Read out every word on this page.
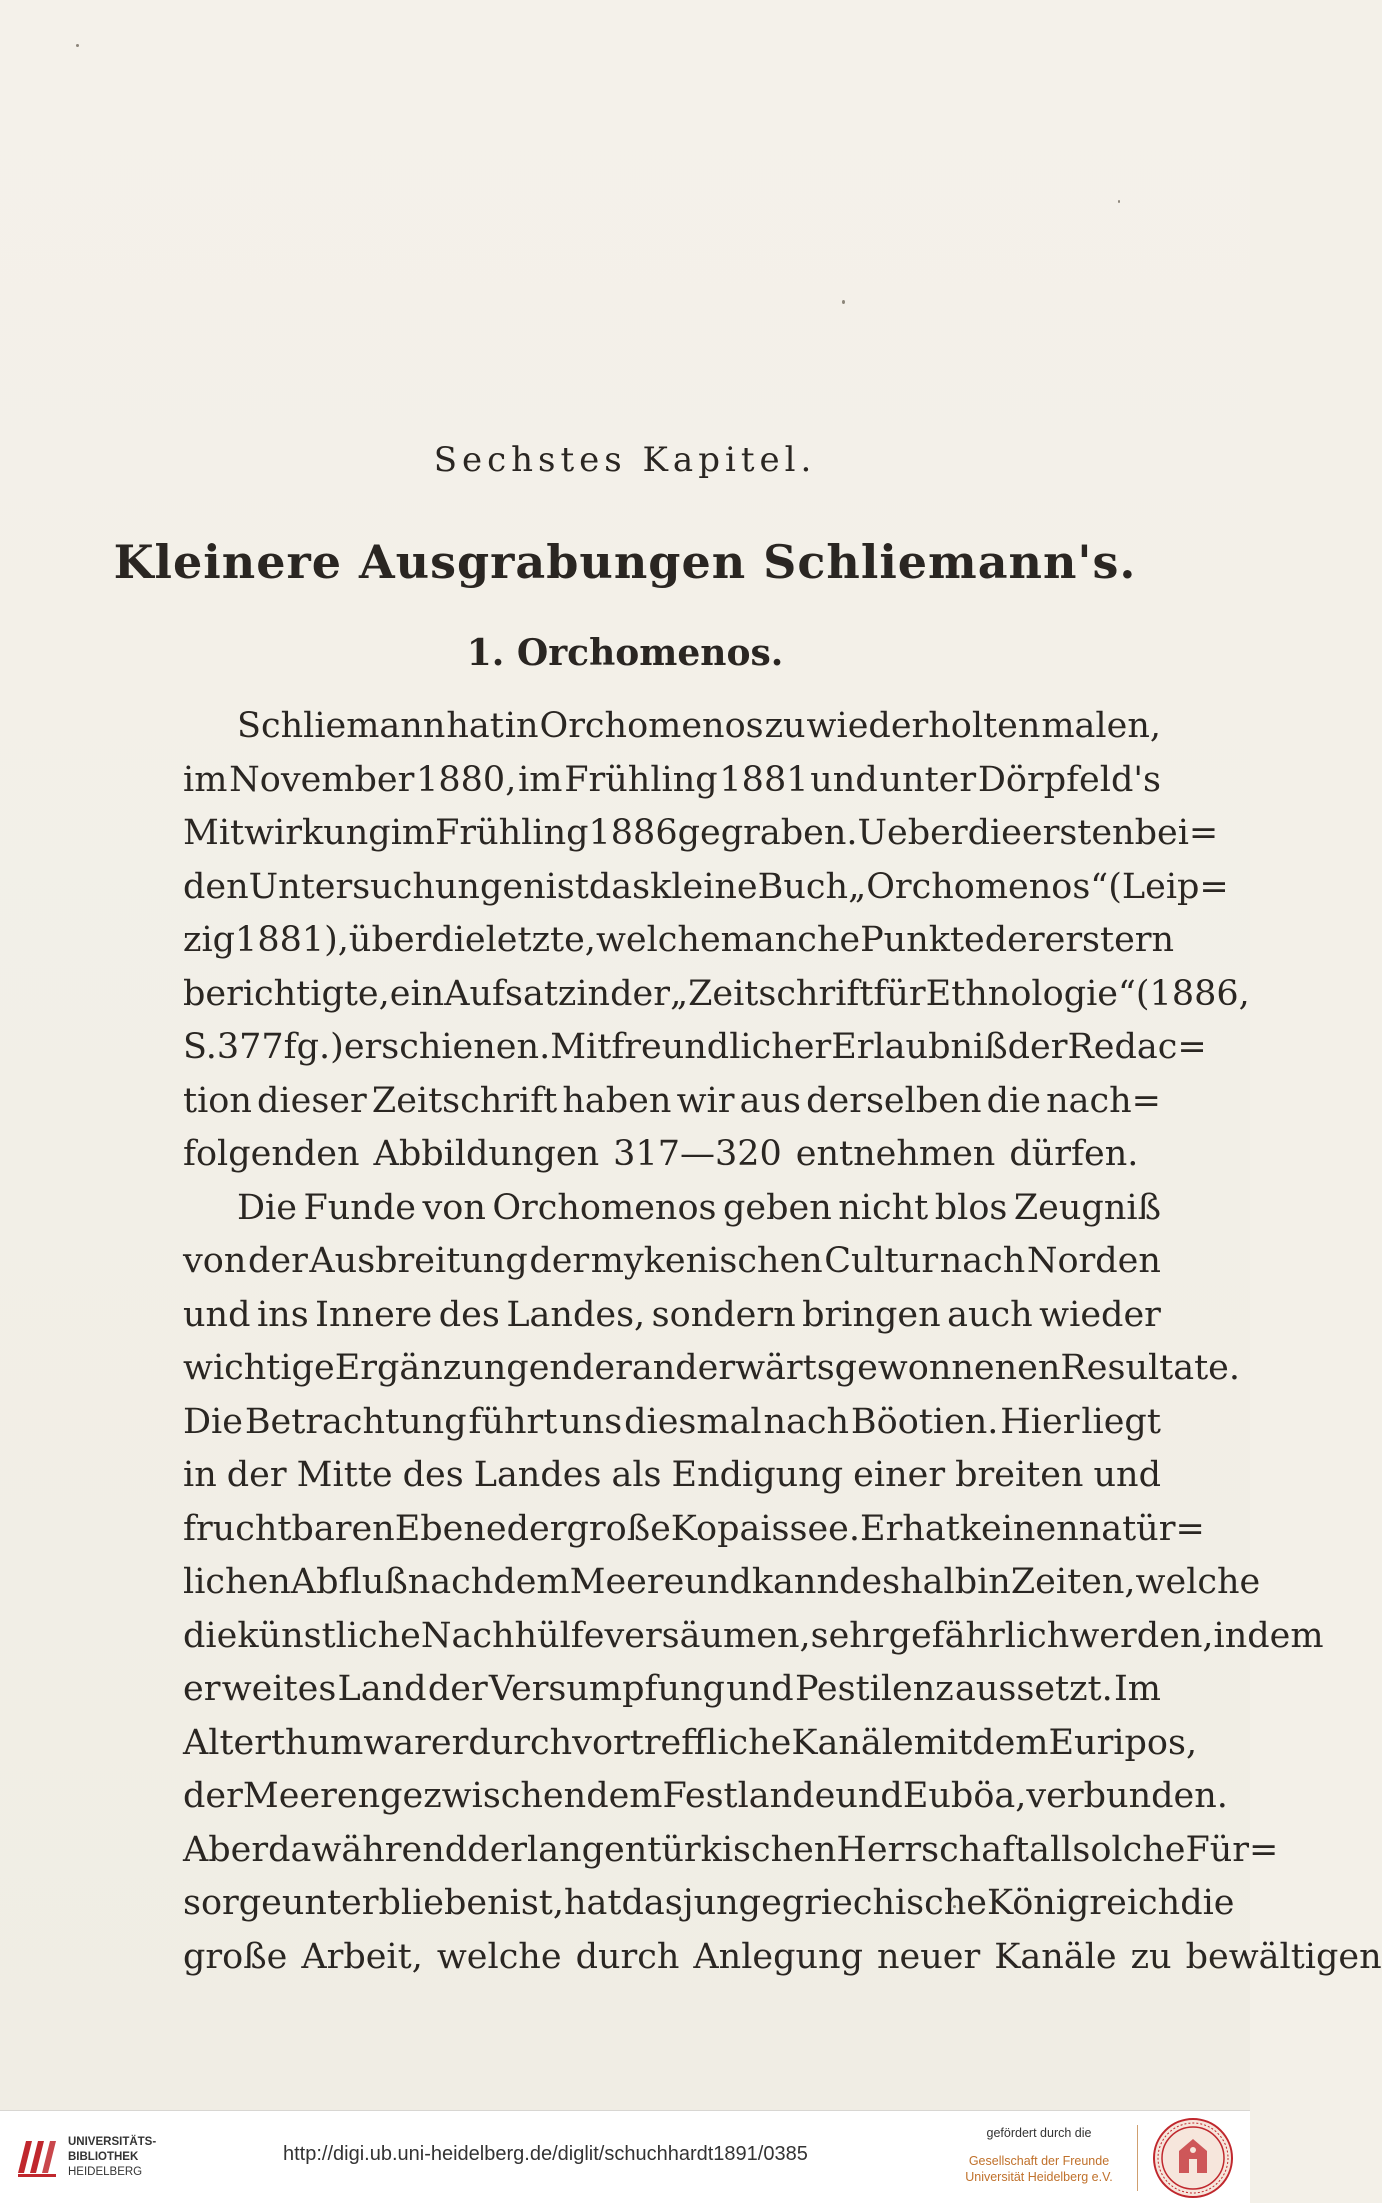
Sechstes Kapitel.
Kleinere Ausgrabungen Schliemann's.
1. Orchomenos.
Schliemann hat in Orchomenos zu wiederholten malen,
im November 1880, im Frühling 1881 und unter Dörpfeld's
Mitwirkung im Frühling 1886 gegraben. Ueber die ersten bei=
den Untersuchungen ist das kleine Buch „Orchomenos“ (Leip=
zig 1881), über die letzte, welche manche Punkte der erstern
berichtigte, ein Aufsatz in der „Zeitschrift für Ethnologie“ (1886,
S. 377 fg.) erschienen. Mit freundlicher Erlaubniß der Redac=
tion dieser Zeitschrift haben wir aus derselben die nach=
folgenden Abbildungen 317—320 entnehmen dürfen.
Die Funde von Orchomenos geben nicht blos Zeugniß
von der Ausbreitung der mykenischen Cultur nach Norden
und ins Innere des Landes, sondern bringen auch wieder
wichtige Ergänzungen der anderwärts gewonnenen Resultate.
Die Betrachtung führt uns diesmal nach Böotien. Hier liegt
in der Mitte des Landes als Endigung einer breiten und
fruchtbaren Ebene der große Kopaissee. Er hat keinen natür=
lichen Abfluß nach dem Meere und kann deshalb in Zeiten, welche
die künstliche Nachhülfe versäumen, sehr gefährlich werden, indem
er weites Land der Versumpfung und Pestilenz aussetzt. Im
Alterthum war er durch vortreffliche Kanäle mit dem Euripos,
der Meerenge zwischen dem Festlande und Euböa, verbunden.
Aber da während der langen türkischen Herrschaft all solche Für=
sorge unterblieben ist, hat das junge griechische Königreich die
große Arbeit, welche durch Anlegung neuer Kanäle zu bewältigen
UNIVERSITÄTS-
BIBLIOTHEK
HEIDELBERG
http://digi.ub.uni-heidelberg.de/diglit/schuchhardt1891/0385
gefördert durch die
Gesellschaft der Freunde
Universität Heidelberg e.V.
